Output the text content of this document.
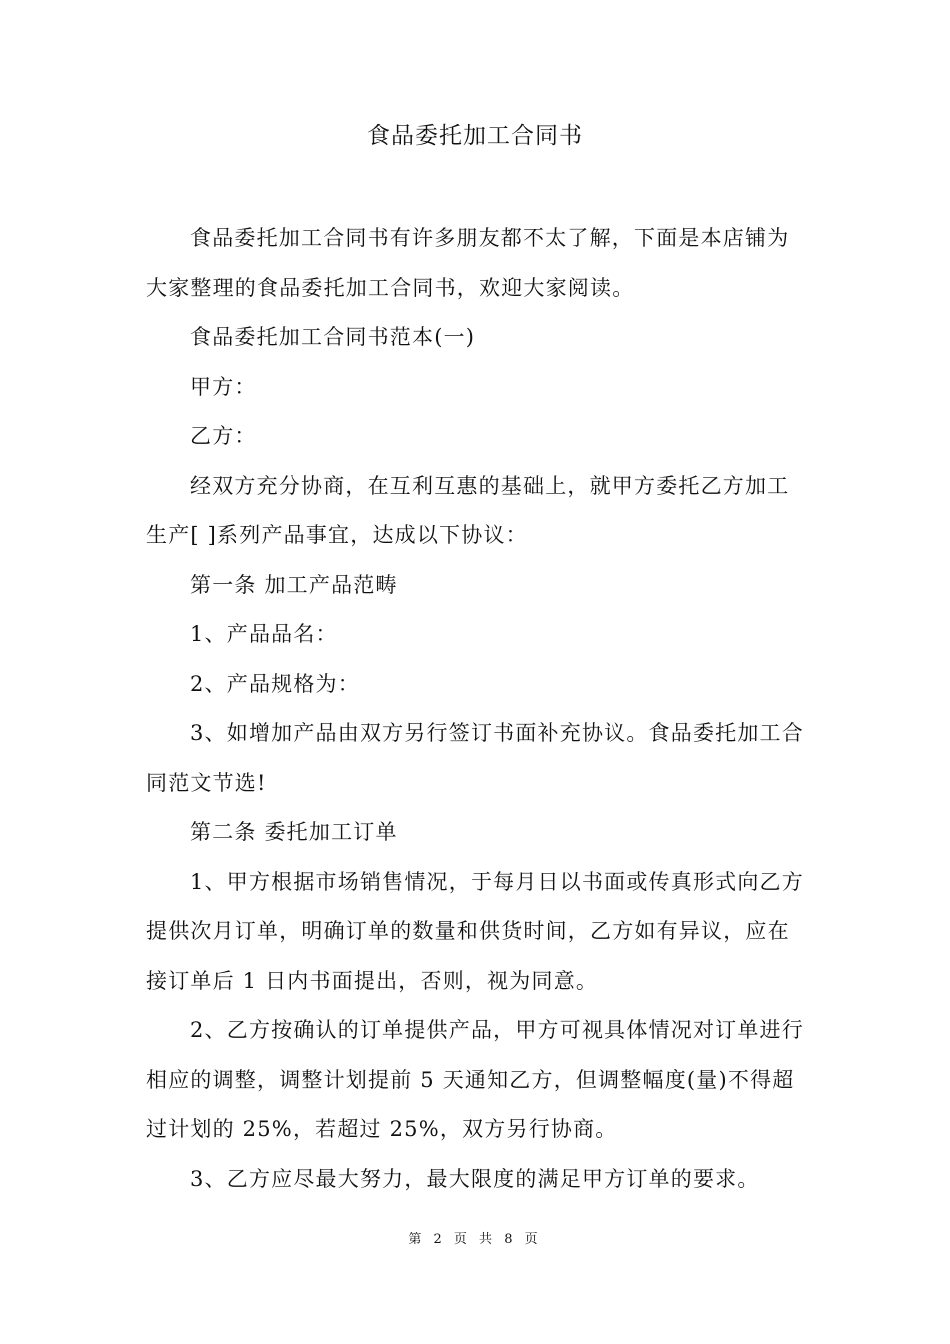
食品委托加工合同书

食品委托加工合同书有许多朋友都不太了解，下面是本店铺为大家整理的食品委托加工合同书，欢迎大家阅读。

食品委托加工合同书范本(一)

甲方：

乙方：

经双方充分协商，在互利互惠的基础上，就甲方委托乙方加工生产[ ]系列产品事宜，达成以下协议：

第一条 加工产品范畴

1、产品品名：

2、产品规格为：

3、如增加产品由双方另行签订书面补充协议。食品委托加工合同范文节选!

第二条 委托加工订单

1、甲方根据市场销售情况，于每月日以书面或传真形式向乙方提供次月订单，明确订单的数量和供货时间，乙方如有异议，应在接订单后 1 日内书面提出，否则，视为同意。

2、乙方按确认的订单提供产品，甲方可视具体情况对订单进行相应的调整，调整计划提前 5 天通知乙方，但调整幅度(量)不得超过计划的 25%，若超过 25%，双方另行协商。

3、乙方应尽最大努力，最大限度的满足甲方订单的要求。

第 2 页 共 8 页
